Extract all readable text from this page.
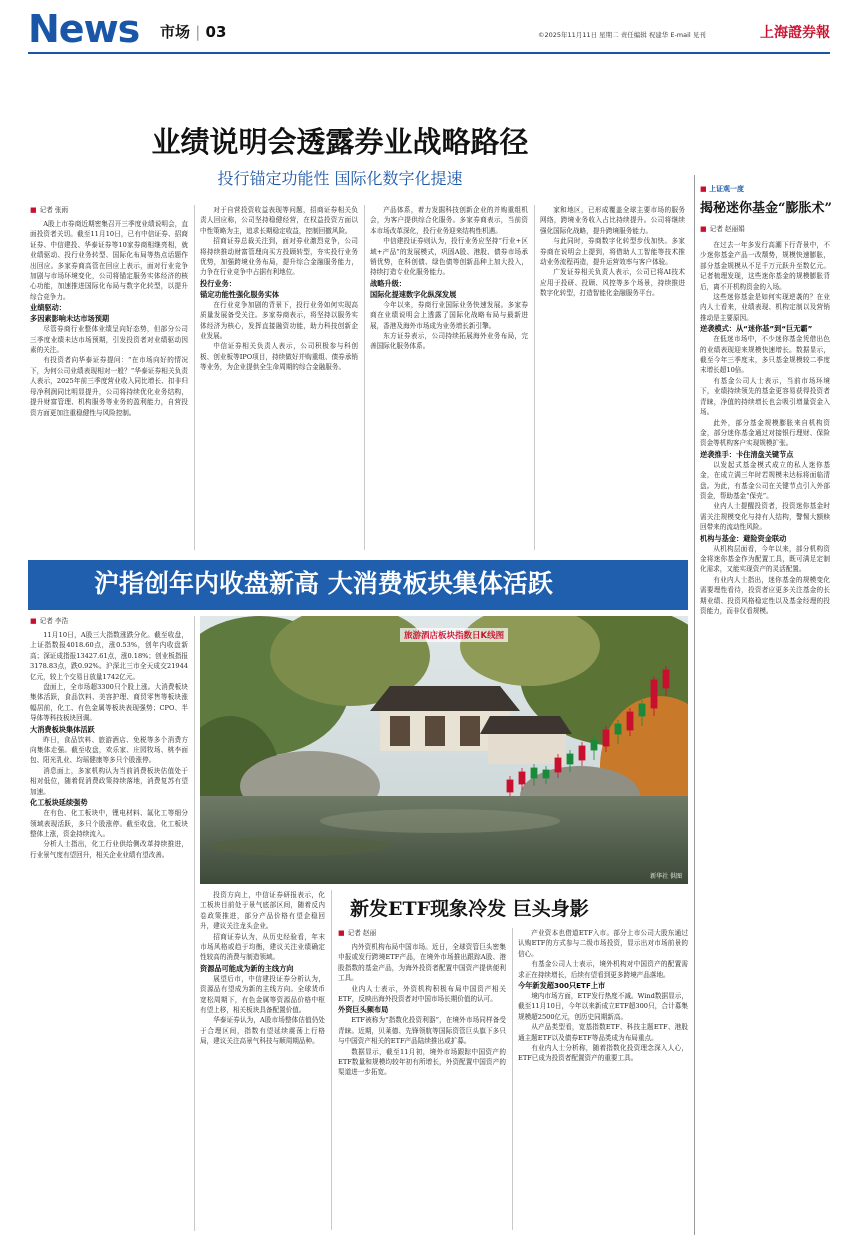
News 市场 | 03	©2025年11月11日 星期二 责任编辑 祝建华 E-mail 见刊	上海證券報
业绩说明会透露券业战略路径
投行锚定功能性 国际化数字化提速
■ 记者 张雨

A股上市券商近期密集召开三季度业绩说明会，直面投资者关切。截至11月10日，已有中信证券、招商证券、中信建投、华泰证券等10家券商相继亮相，就业绩驱动、投行业务转型、国际化布局等热点话题作出回应。多家券商高管在回应上表示，面对行业竞争加剧与市场环境变化，公司将锚定服务实体经济的核心功能，加速推进国际化布局与数字化转型，以提升综合竞争力。

业绩驱动：

多因素影响未达市场预期

尽管券商行业整体业绩呈向好态势，但部分公司三季度业绩未达市场预期，引发投资者对业绩驱动因素的关注。

有投资者向华泰证券提问：“在市场向好的情况下，为何公司业绩表现相对一般？”华泰证券相关负责人表示，2025年前三季度营业收入同比增长、扣非归母净利润同比明显提升，公司将持续优化业务结构，提升财富管理、机构服务等业务的盈利能力，自营投资方面更加注重稳健性与风险控制。

对于自营投资收益表现等问题，招商证券相关负责人回应称，公司坚持稳健经营，在权益投资方面以中性策略为主，追求长期稳定收益，控制回撤风险。

招商证券总裁关注到，面对券业激烈竞争，公司将持续推动财富管理向买方投顾转型，夯实投行业务优势，加强跨境业务布局，提升综合金融服务能力，力争在行业竞争中占据有利地位。

投行业务：

锚定功能性强化服务实体

在行业竞争加剧的背景下，投行业务如何实现高质量发展备受关注。多家券商表示，将坚持以服务实体经济为核心，发挥直接融资功能，助力科技创新企业发展。

中信证券相关负责人表示，公司积极参与科创板、创业板等IPO项目，持续做好并购重组、债券承销等业务，为企业提供全生命周期的综合金融服务。

产品体系，着力发掘科技创新企业的并购重组机会，为客户提供综合化服务。多家券商表示，当前资本市场改革深化，投行业务迎来结构性机遇。

中信建投证券则认为，投行业务应坚持“行业+区域+产品”的发展模式，巩固A股、港股、债券市场承销优势，在科创债、绿色债等创新品种上加大投入，持续打造专业化服务能力。

战略升级：

国际化提速数字化纵深发展

今年以来，券商行业国际业务快速发展。多家券商在业绩说明会上透露了国际化战略布局与最新进展，香港及海外市场成为业务增长新引擎。

东方证券表示，公司持续拓展海外业务布局，完善国际化服务体系。

家和地区，已形成覆盖全球主要市场的服务网络，跨境业务收入占比持续提升。公司将继续强化国际化战略，提升跨境服务能力。

与此同时，券商数字化转型步伐加快。多家券商在说明会上提到，将借助人工智能等技术推动业务流程再造，提升运营效率与客户体验。

广发证券相关负责人表示，公司已将AI技术应用于投研、投顾、风控等多个场景，持续推进数字化转型，打造智能化金融服务平台。

沪指创年内收盘新高 大消费板块集体活跃
■ 记者 李浩

11月10日，A股三大指数涨跌分化。截至收盘，上证指数报4018.60点，涨0.53%，创年内收盘新高；深证成指报13427.61点，涨0.18%；创业板指报3178.83点，跌0.92%。沪深北三市全天成交21944亿元，较上个交易日放量1742亿元。

盘面上，全市场超3300只个股上涨。大消费板块集体活跃，食品饮料、美容护理、商贸零售等板块涨幅居前，化工、有色金属等板块表现强势；CPO、半导体等科技板块回调。

大消费板块集体活跃

昨日，食品饮料、旅游酒店、免税等多个消费方向集体走强。截至收盘，欢乐家、庄园牧场、桃李面包、阳光乳业、均瑶健康等多只个股涨停。

消息面上，多家机构认为当前消费板块估值处于相对低位，随着促消费政策持续落地，消费复苏有望加速。

化工板块延续强势

在有色、化工板块中，锂电材料、氟化工等细分领域表现活跃，多只个股涨停。截至收盘，化工板块整体上涨，资金持续流入。

分析人士指出，化工行业供给侧改革持续推进，行业景气度有望回升，相关企业业绩有望改善。

旅游酒店板块指数日K线图
新华社 供图

投资方向上，中信证券研报表示，化工板块目前处于景气底部区间，随着反内卷政策推进，部分产品价格有望企稳回升，建议关注龙头企业。

招商证券认为，从历史经验看，年末市场风格或趋于均衡，建议关注业绩确定性较高的消费与制造领域。

资源品可能成为新的主线方向

展望后市，中信建投证券分析认为，资源品有望成为新的主线方向。全球货币宽松周期下，有色金属等资源品价格中枢有望上移，相关板块具备配置价值。

华泰证券认为，A股市场整体估值仍处于合理区间，指数有望延续震荡上行格局，建议关注高景气科技与顺周期品种。

新发ETF现象冷发 巨头身影
■ 记者 赵丽

内外资机构布局中国市场。近日，全球资管巨头密集申报或发行跨境ETF产品，在境外市场推出跟踪A股、港股指数的基金产品，为海外投资者配置中国资产提供便利工具。

业内人士表示，外资机构积极布局中国资产相关ETF，反映出海外投资者对中国市场长期价值的认可。

外资巨头频布局

ETF被称为“指数化投资利器”，在境外市场同样备受青睐。近期，贝莱德、先锋领航等国际资管巨头旗下多只与中国资产相关的ETF产品陆续推出或扩募。

数据显示，截至11月初，境外市场跟踪中国资产的ETF数量和规模均较年初有所增长，外资配置中国资产的渠道进一步拓宽。

产业资本也借道ETF入市。部分上市公司大股东通过认购ETF的方式参与二级市场投资，显示出对市场前景的信心。

有基金公司人士表示，境外机构对中国资产的配置需求正在持续增长，后续有望看到更多跨境产品落地。

今年新发超300只ETF上市

境内市场方面，ETF发行热度不减。Wind数据显示，截至11月10日，今年以来新成立ETF超300只，合计募集规模超2500亿元，创历史同期新高。

从产品类型看，宽基指数ETF、科技主题ETF、港股通主题ETF以及债券ETF等品类成为布局重点。

有业内人士分析称，随着指数化投资理念深入人心，ETF已成为投资者配置资产的重要工具。

■ 上证观一度
揭秘迷你基金“膨胀术”
■ 记者 赵丽娟

在过去一年多发行高潮下行背景中，不少迷你基金产品一改颓势，规模快速膨胀，部分基金规模从不足千万元跃升至数亿元。记者梳理发现，这些迷你基金的规模膨胀背后，离不开机构资金的入场。

这些迷你基金是如何实现逆袭的？在业内人士看来，业绩表现、机构定制以及营销推动是主要原因。

逆袭模式：从“迷你基”到“巨无霸”

在低迷市场中，不少迷你基金凭借出色的业绩表现迎来规模快速增长。数据显示，截至今年三季度末，多只基金规模较二季度末增长超10倍。

有基金公司人士表示，当前市场环境下，业绩持续领先的基金更容易获得投资者青睐，净值的持续增长也会吸引增量资金入场。

此外，部分基金规模膨胀来自机构资金，部分迷你基金通过对接银行理财、保险资金等机构客户实现规模扩张。

逆袭推手：卡住清盘关键节点

以发起式基金模式成立的私人迷你基金，在成立满三年时若规模未达标将面临清盘。为此，有基金公司在关键节点引入外部资金，帮助基金“保壳”。

业内人士提醒投资者，投资迷你基金时需关注规模变化与持有人结构，警惕大额赎回带来的流动性风险。

机构与基金：避险资金联动

从机构层面看，今年以来，部分机构资金将迷你基金作为配置工具，既可满足定制化需求，又能实现资产的灵活配置。

有业内人士指出，迷你基金的规模变化需要理性看待，投资者应更多关注基金的长期业绩、投资风格稳定性以及基金经理的投资能力，而非仅看规模。
